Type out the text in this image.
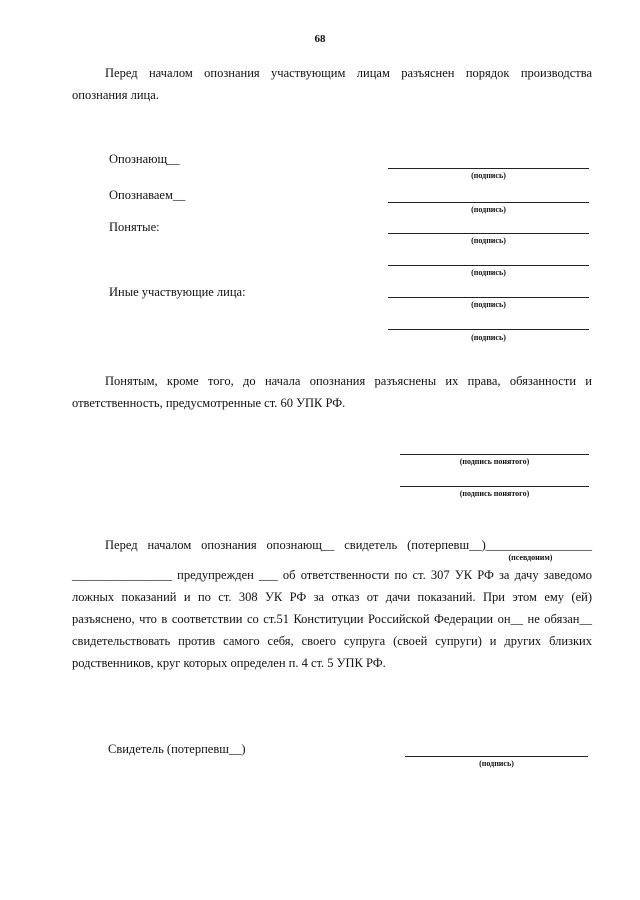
68
Перед началом опознания участвующим лицам разъяснен порядок производства
опознания лица.
Опознающ__
(подпись)
Опознаваем__
(подпись)
Понятые:
(подпись)
(подпись)
Иные участвующие лица:
(подпись)
(подпись)
Понятым, кроме того, до начала опознания разъяснены их права, обязанности и
ответственность, предусмотренные ст. 60 УПК РФ.
(подпись понятого)
(подпись понятого)
Перед началом опознания опознающ__ свидетель (потерпевш__)_________________
(псевдоним)
________________ предупрежден ___ об ответственности по ст. 307 УК РФ за дачу заведомо
ложных показаний и по ст. 308 УК РФ за отказ от дачи показаний. При этом ему (ей)
разъяснено, что в соответствии со ст.51 Конституции Российской Федерации он__ не обязан__
свидетельствовать против самого себя, своего супруга (своей супруги) и других близких
родственников, круг которых определен п. 4 ст. 5 УПК РФ.
Свидетель (потерпевш__)
(подпись)
